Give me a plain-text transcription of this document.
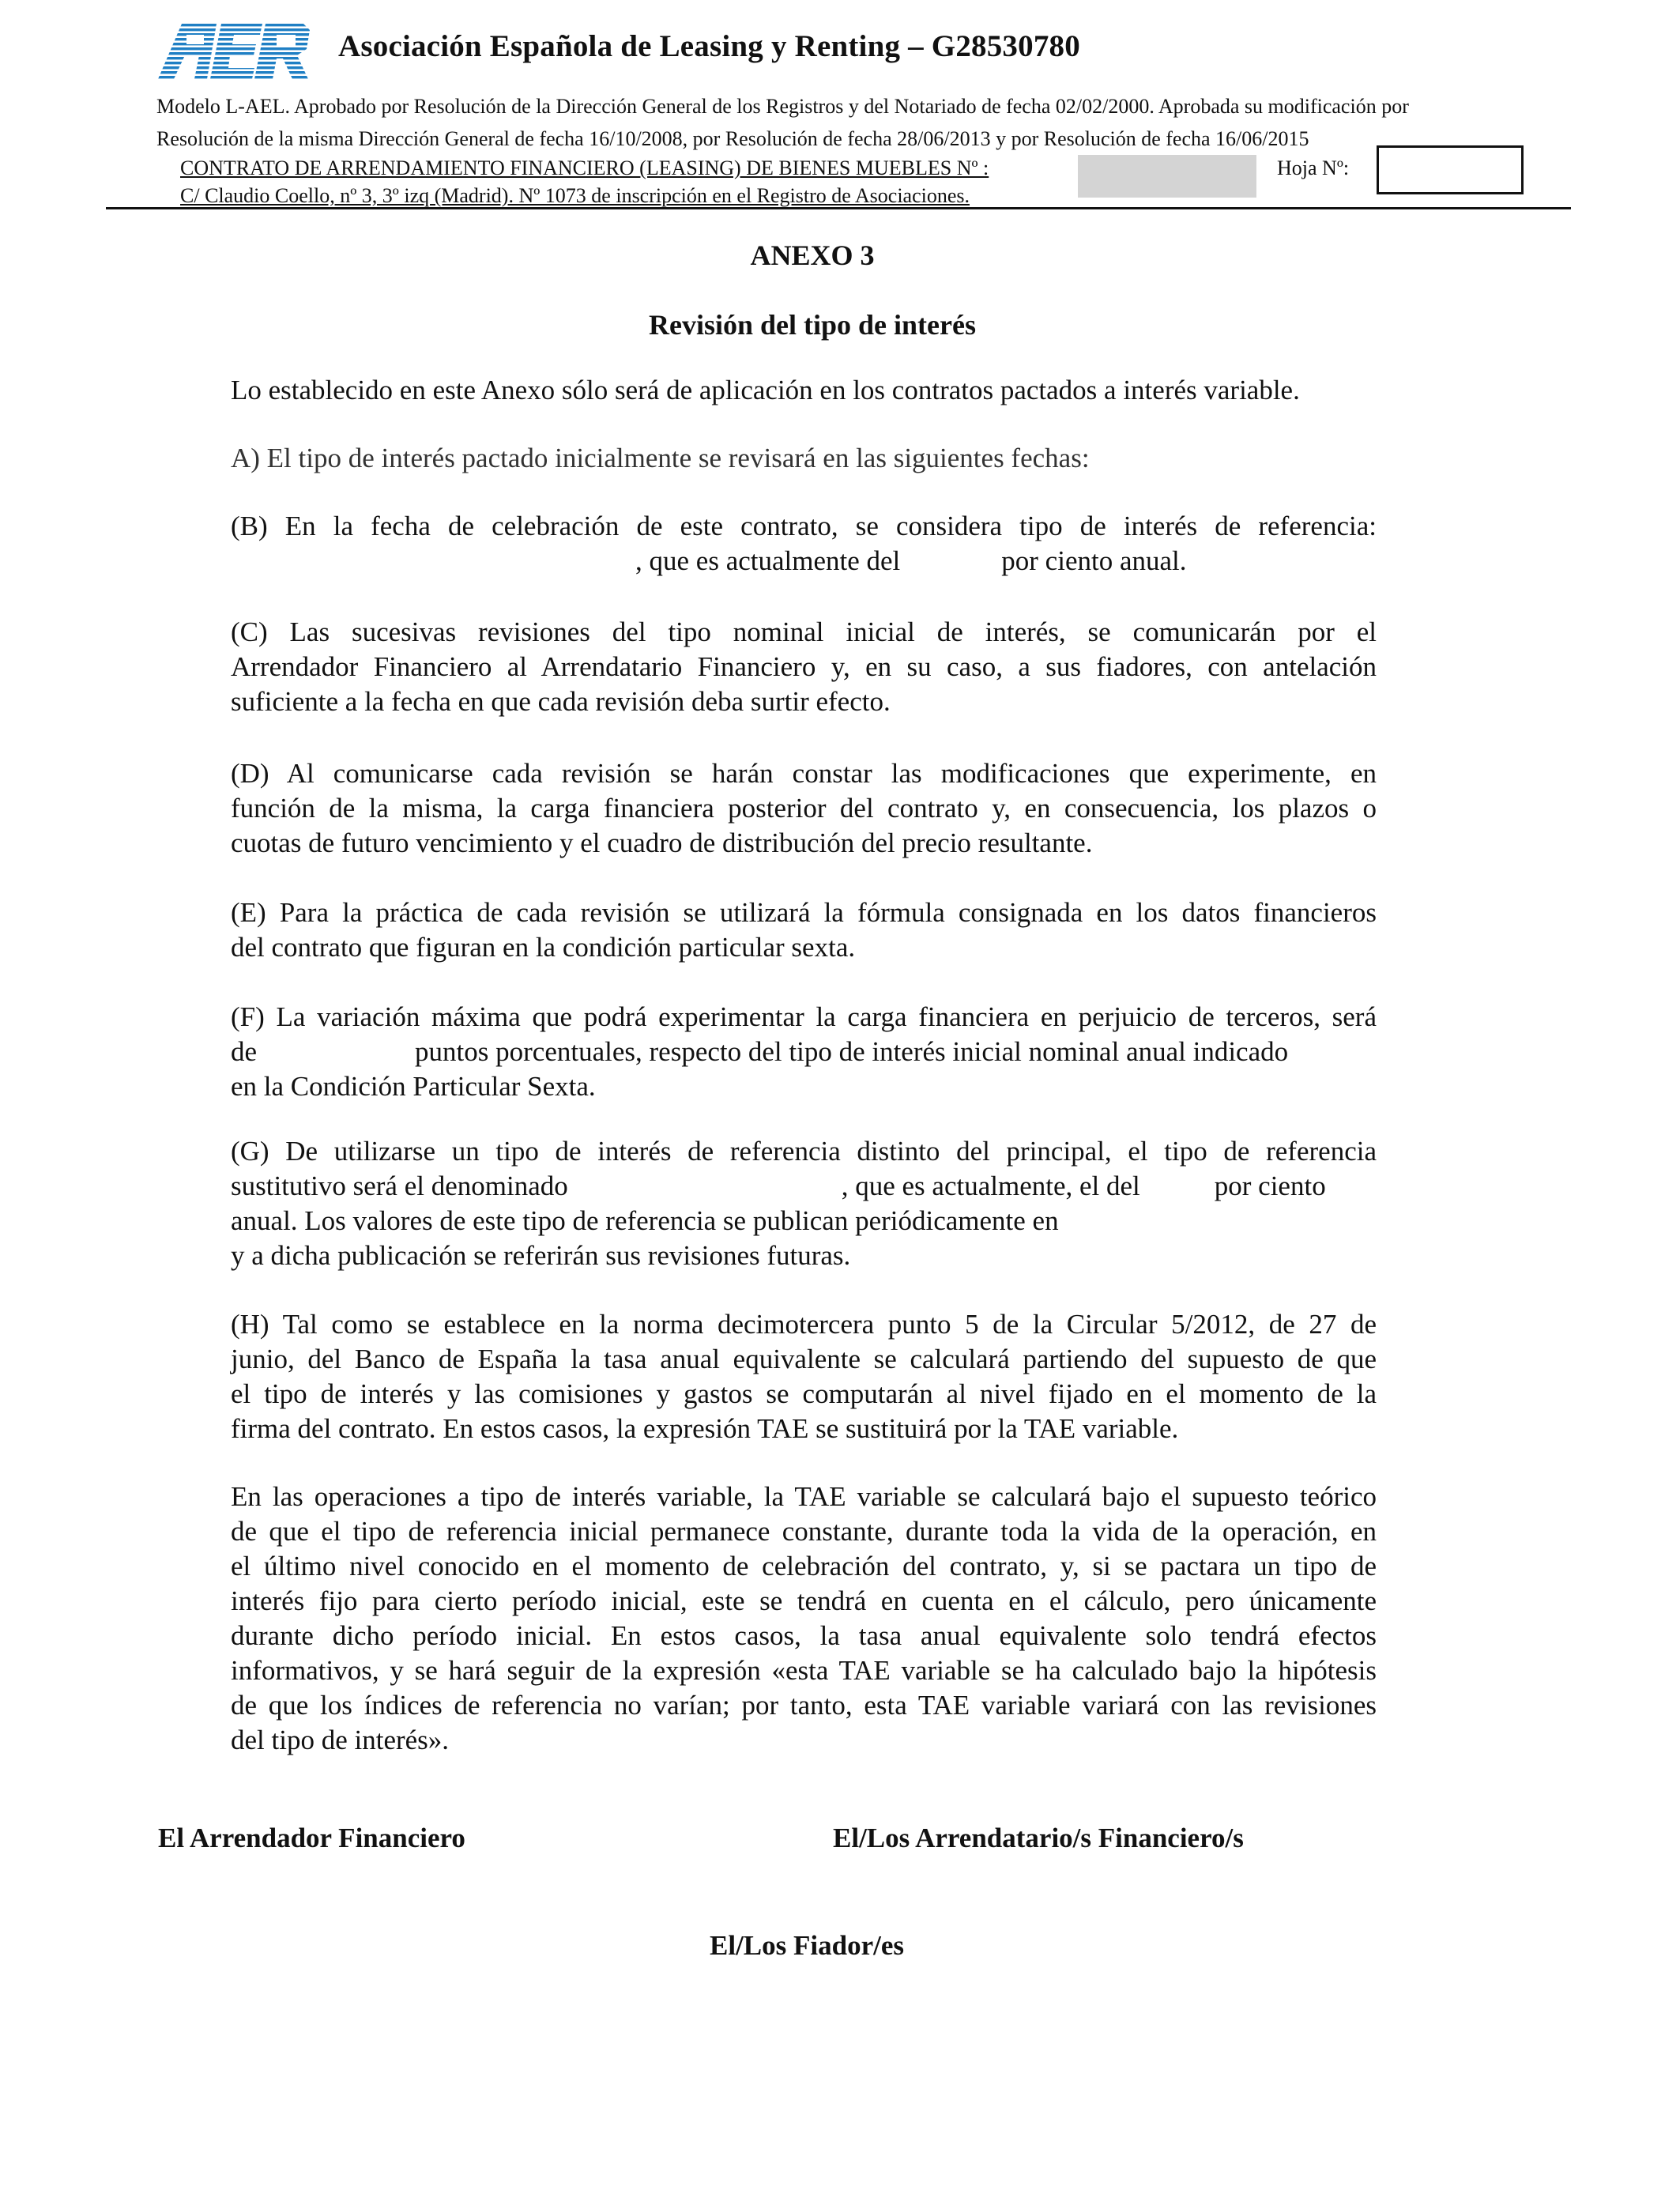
Asociación Española de Leasing y Renting – G28530780
Modelo L-AEL. Aprobado por Resolución de la Dirección General de los Registros y del Notariado de fecha 02/02/2000. Aprobada su modificación por
Resolución de la misma Dirección General de fecha 16/10/2008, por Resolución de fecha 28/06/2013 y por Resolución de fecha 16/06/2015
CONTRATO DE ARRENDAMIENTO FINANCIERO (LEASING) DE BIENES MUEBLES Nº :	Hoja Nº:
C/ Claudio Coello, nº 3, 3º izq (Madrid). Nº 1073 de inscripción en el Registro de Asociaciones.
ANEXO 3
Revisión del tipo de interés
Lo establecido en este Anexo sólo será de aplicación en los contratos pactados a interés variable.
A) El tipo de interés pactado inicialmente se revisará en las siguientes fechas:
(B) En la fecha de celebración de este contrato, se considera tipo de interés de referencia:
, que es actualmente del	por ciento anual.
(C) Las sucesivas revisiones del tipo nominal inicial de interés, se comunicarán por el
Arrendador Financiero al Arrendatario Financiero y, en su caso, a sus fiadores, con antelación
suficiente a la fecha en que cada revisión deba surtir efecto.
(D) Al comunicarse cada revisión se harán constar las modificaciones que experimente, en
función de la misma, la carga financiera posterior del contrato y, en consecuencia, los plazos o
cuotas de futuro vencimiento y el cuadro de distribución del precio resultante.
(E) Para la práctica de cada revisión se utilizará la fórmula consignada en los datos financieros
del contrato que figuran en la condición particular sexta.
(F) La variación máxima que podrá experimentar la carga financiera en perjuicio de terceros, será
de	puntos porcentuales, respecto del tipo de interés inicial nominal anual indicado
en la Condición Particular Sexta.
(G) De utilizarse un tipo de interés de referencia distinto del principal, el tipo de referencia
sustitutivo será el denominado	, que es actualmente, el del	por ciento
anual. Los valores de este tipo de referencia se publican periódicamente en
y a dicha publicación se referirán sus revisiones futuras.
(H) Tal como se establece en la norma decimotercera punto 5 de la Circular 5/2012, de 27 de
junio, del Banco de España la tasa anual equivalente se calculará partiendo del supuesto de que
el tipo de interés y las comisiones y gastos se computarán al nivel fijado en el momento de la
firma del contrato. En estos casos, la expresión TAE se sustituirá por la TAE variable.
En las operaciones a tipo de interés variable, la TAE variable se calculará bajo el supuesto teórico
de que el tipo de referencia inicial permanece constante, durante toda la vida de la operación, en
el último nivel conocido en el momento de celebración del contrato, y, si se pactara un tipo de
interés fijo para cierto período inicial, este se tendrá en cuenta en el cálculo, pero únicamente
durante dicho período inicial. En estos casos, la tasa anual equivalente solo tendrá efectos
informativos, y se hará seguir de la expresión «esta TAE variable se ha calculado bajo la hipótesis
de que los índices de referencia no varían; por tanto, esta TAE variable variará con las revisiones
del tipo de interés».
El Arrendador Financiero	El/Los Arrendatario/s Financiero/s
El/Los Fiador/es
